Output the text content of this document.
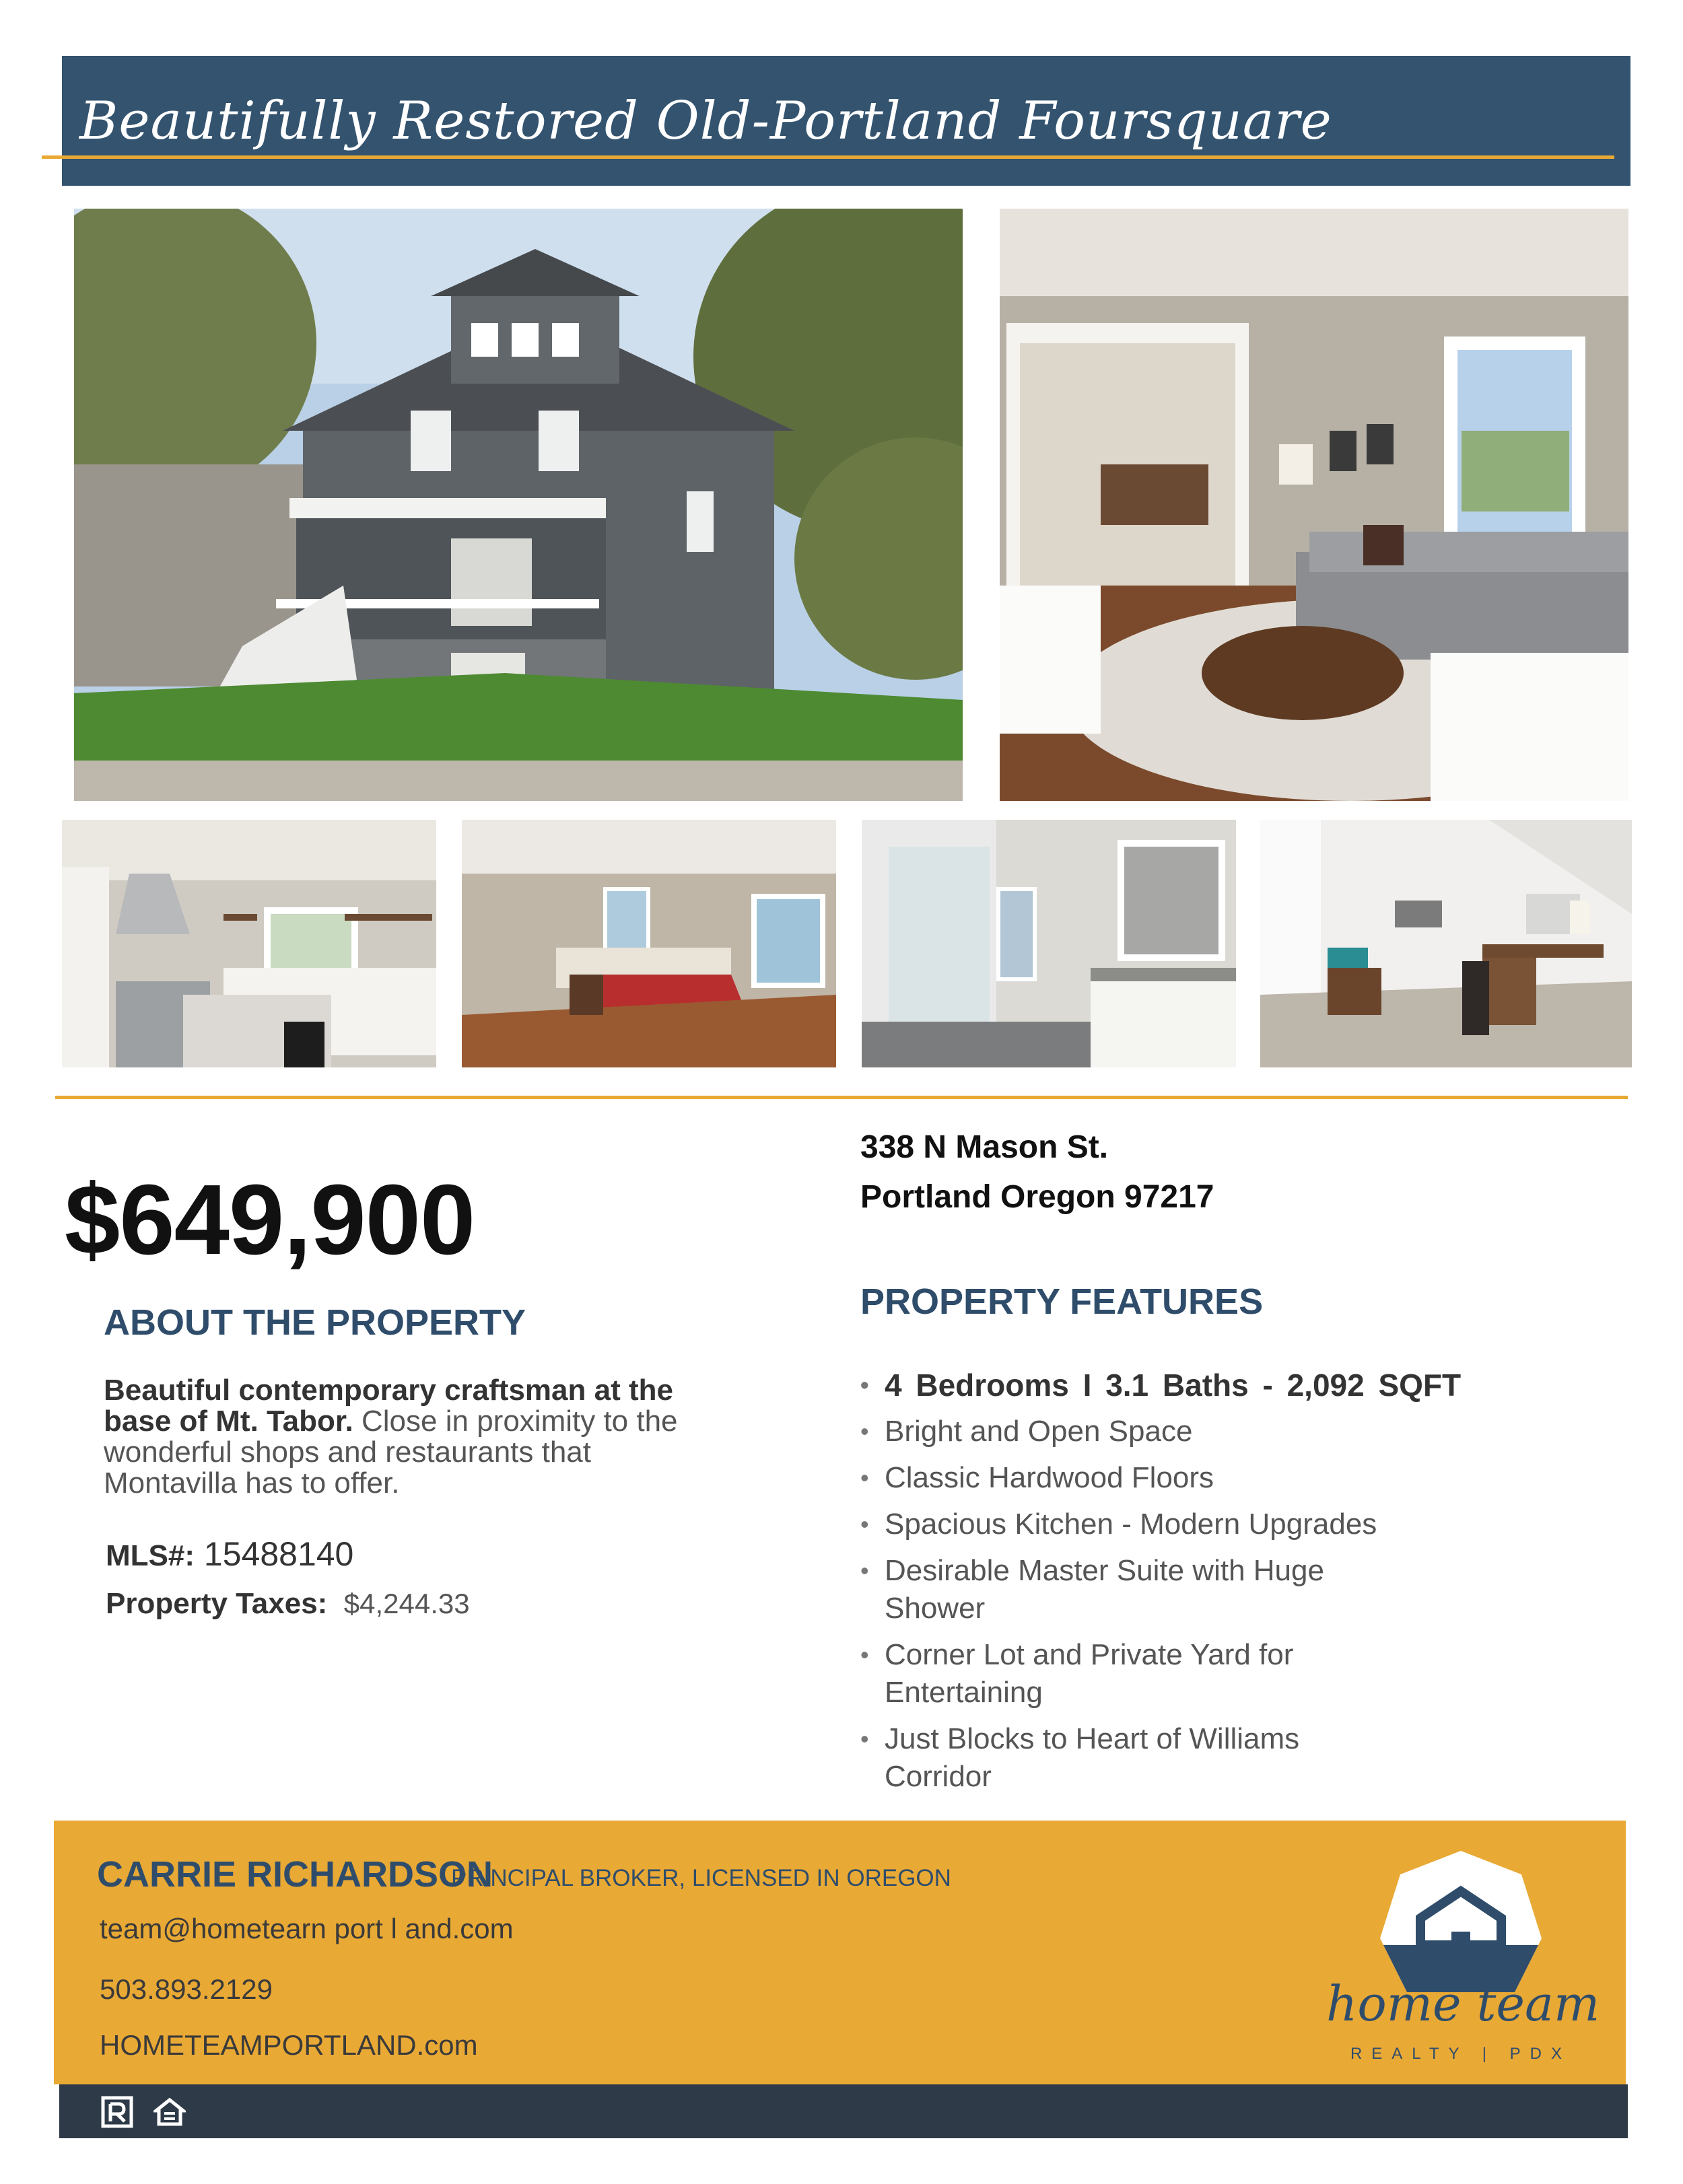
Beautifully Restored Old-Portland Foursquare
$649,900
ABOUT THE PROPERTY
Beautiful contemporary craftsman at the base of Mt. Tabor. Close in proximity to the wonderful shops and restaurants that Montavilla has to offer.
MLS#: 15488140
Property Taxes: $4,244.33
338 N Mason St.
Portland Oregon 97217
PROPERTY FEATURES
• 4 Bedrooms I 3.1 Baths - 2,092 SQFT
• Bright and Open Space
• Classic Hardwood Floors
• Spacious Kitchen - Modern Upgrades
• Desirable Master Suite with Huge Shower
• Corner Lot and Private Yard for Entertaining
• Just Blocks to Heart of Williams Corridor
CARRIE RICHARDSON
PRINCIPAL BROKER, LICENSED IN OREGON
team@hometearn port l and.com
503.893.2129
HOMETEAMPORTLAND.com
home team
REALTY | PDX
